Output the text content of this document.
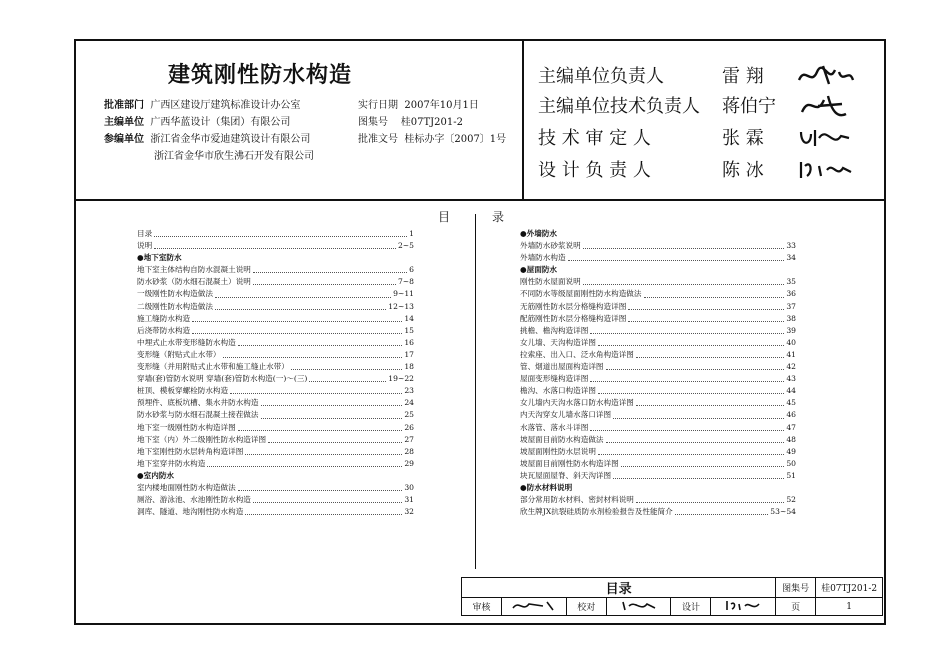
建筑刚性防水构造
批准部门 广西区建设厅建筑标准设计办公室
主编单位 广西华蓝设计（集团）有限公司
参编单位 浙江省金华市爱迪建筑设计有限公司
浙江省金华市欣生沸石开发有限公司
实行日期 2007年10月1日
图集号 桂07TJ201-2
批准文号 桂标办字〔2007〕1号
主编单位负责人	雷 翔
主编单位技术负责人 蒋伯宁
技 术 审 定 人	张 霖
设 计 负 责 人	陈 冰
目录
目录	1
说明	2~5
●地下室防水
地下室主体结构自防水混凝土说明	6
防水砂浆（防水细石混凝土）说明	7~8
一级刚性防水构造做法	9~11
二级刚性防水构造做法	12~13
施工缝防水构造	14
后浇带防水构造	15
中埋式止水带变形缝防水构造	16
变形缝（附贴式止水带）	17
变形缝（并用附贴式止水带和施工缝止水带）	18
穿墙(套)管防水说明 穿墙(套)管防水构造(一)～(三)	19~22
桩顶、模板穿螺栓防水构造	23
预埋件、底板坑槽、集水井防水构造	24
防水砂浆与防水细石混凝土接茬做法	25
地下室一级刚性防水构造详图	26
地下室（内）外二级刚性防水构造详图	27
地下室刚性防水层转角构造详图	28
地下室穿井防水构造	29
●室内防水
室内楼地面刚性防水构造做法	30
厕浴、游泳池、水池刚性防水构造	31
洞库、隧道、地沟刚性防水构造	32
●外墙防水
外墙防水砂浆说明	33
外墙防水构造	34
●屋面防水
刚性防水屋面说明	35
不同防水等级屋面刚性防水构造做法	36
无筋刚性防水层分格缝构造详图	37
配筋刚性防水层分格缝构造详图	38
挑檐、檐沟构造详图	39
女儿墙、天沟构造详图	40
拉索座、出入口、泛水角构造详图	41
管、烟道出屋面构造详图	42
屋面变形缝构造详图	43
檐沟、水落口构造详图	44
女儿墙内天沟水落口防水构造详图	45
内天沟穿女儿墙水落口详图	46
水落管、落水斗详图	47
坡屋面目前防水构造做法	48
坡屋面刚性防水层说明	49
坡屋面目前刚性防水构造详图	50
块瓦屋面屋脊、斜天沟详图	51
●防水材料说明
部分常用防水材料、密封材料说明	52
欣生牌JX抗裂硅质防水剂检验报告及性能简介	53~54
目录						图集号	桂07TJ201-2
审核		校对		设计		页	1
